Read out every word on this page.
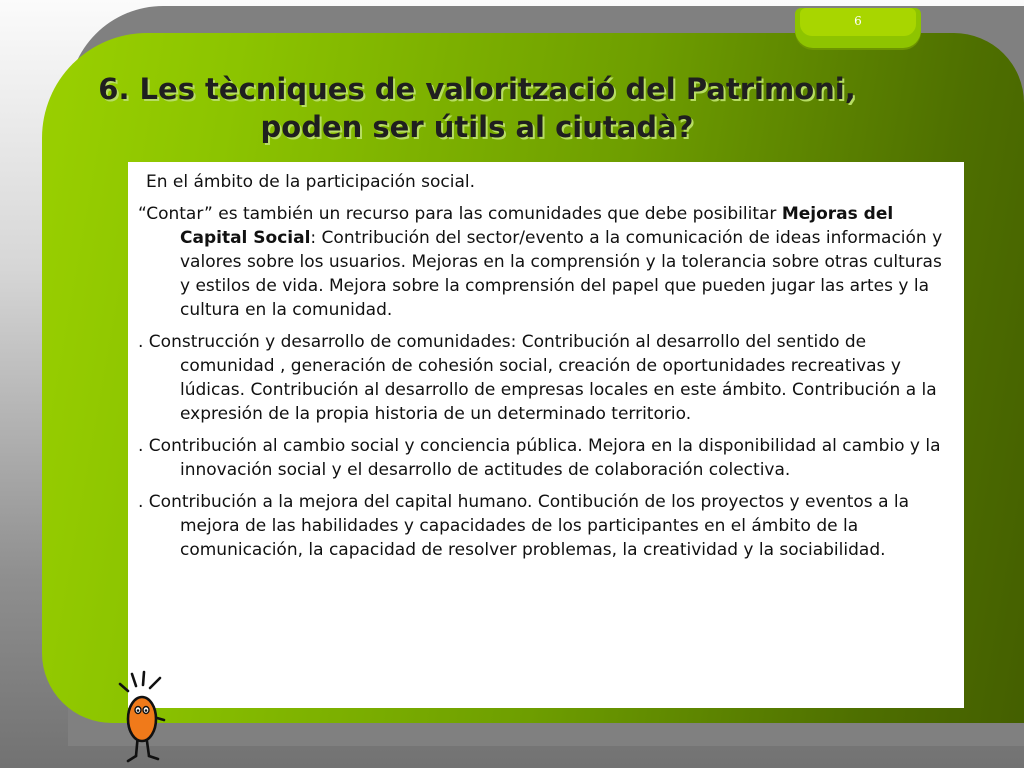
6
6. Les tècniques de valorització del Patrimoni,
poden ser útils al ciutadà?

En el ámbito de la participación social.

“Contar” es también un recurso para las comunidades que debe posibilitar Mejoras del Capital Social: Contribución del sector/evento a la comunicación de ideas información y valores sobre los usuarios. Mejoras en la comprensión y la tolerancia sobre otras culturas y estilos de vida. Mejora sobre la comprensión del papel que pueden jugar las artes y la cultura en la comunidad.

. Construcción y desarrollo de comunidades: Contribución al desarrollo del sentido de comunidad , generación de cohesión social, creación de oportunidades recreativas y lúdicas. Contribución al desarrollo de empresas locales en este ámbito. Contribución a la expresión de la propia historia de un determinado territorio.

. Contribución al cambio social y conciencia pública. Mejora en la disponibilidad al cambio y la innovación social y el desarrollo de actitudes de colaboración colectiva.

. Contribución a la mejora del capital humano. Contibución de los proyectos y eventos a la mejora de las habilidades y capacidades de los participantes en el ámbito de la comunicación, la capacidad de resolver problemas, la creatividad y la sociabilidad.
